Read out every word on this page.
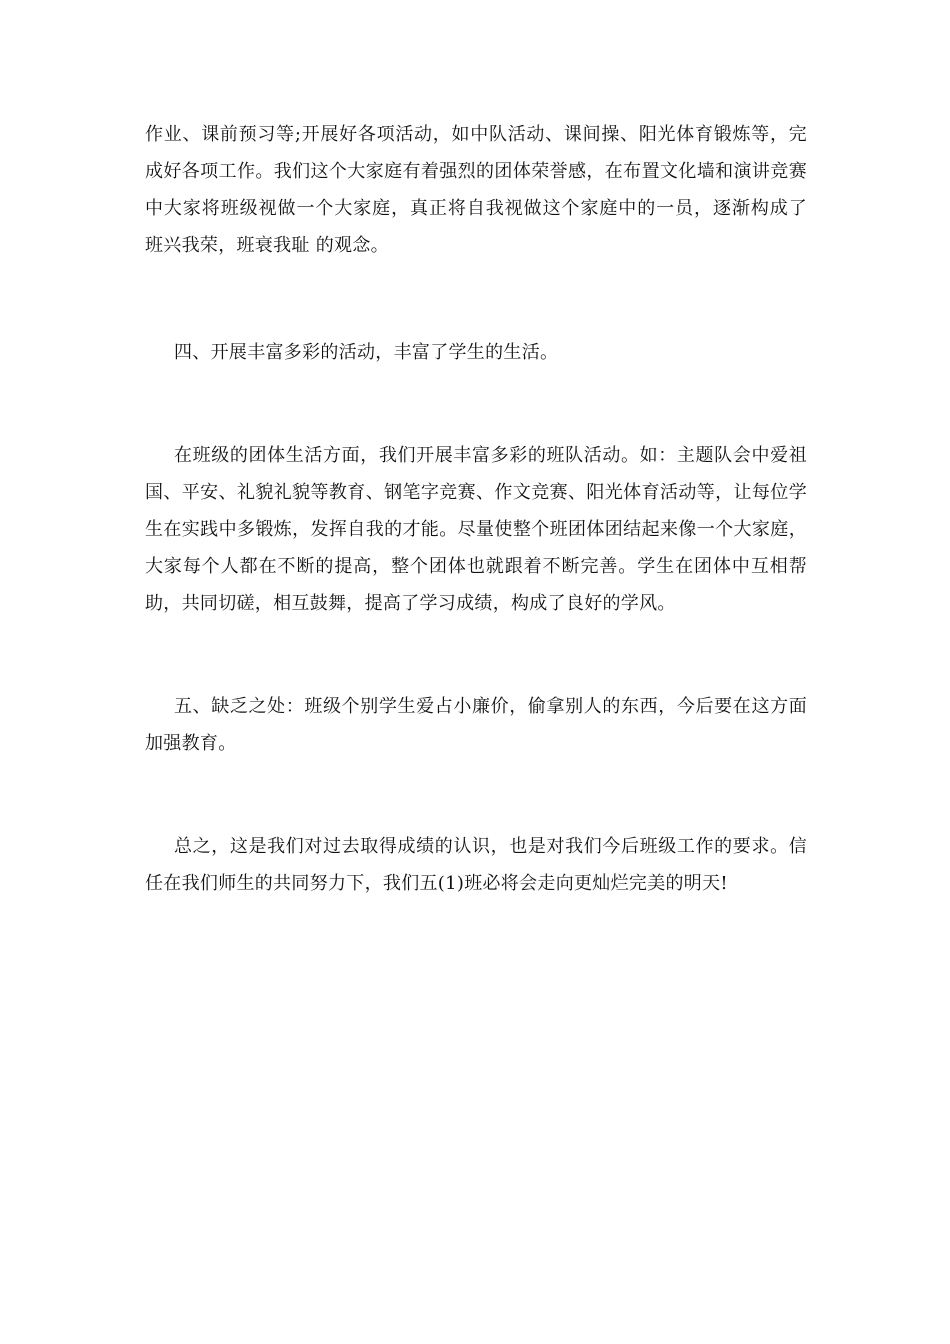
作业、课前预习等;开展好各项活动，如中队活动、课间操、阳光体育锻炼等，完成好各项工作。我们这个大家庭有着强烈的团体荣誉感，在布置文化墙和演讲竞赛中大家将班级视做一个大家庭，真正将自我视做这个家庭中的一员，逐渐构成了 班兴我荣，班衰我耻 的观念。

四、开展丰富多彩的活动，丰富了学生的生活。

在班级的团体生活方面，我们开展丰富多彩的班队活动。如：主题队会中爱祖国、平安、礼貌礼貌等教育、钢笔字竞赛、作文竞赛、阳光体育活动等，让每位学生在实践中多锻炼，发挥自我的才能。尽量使整个班团体团结起来像一个大家庭，大家每个人都在不断的提高，整个团体也就跟着不断完善。学生在团体中互相帮助，共同切磋，相互鼓舞，提高了学习成绩，构成了良好的学风。

五、缺乏之处：班级个别学生爱占小廉价，偷拿别人的东西，今后要在这方面加强教育。

总之，这是我们对过去取得成绩的认识，也是对我们今后班级工作的要求。信任在我们师生的共同努力下，我们五(1)班必将会走向更灿烂完美的明天!
